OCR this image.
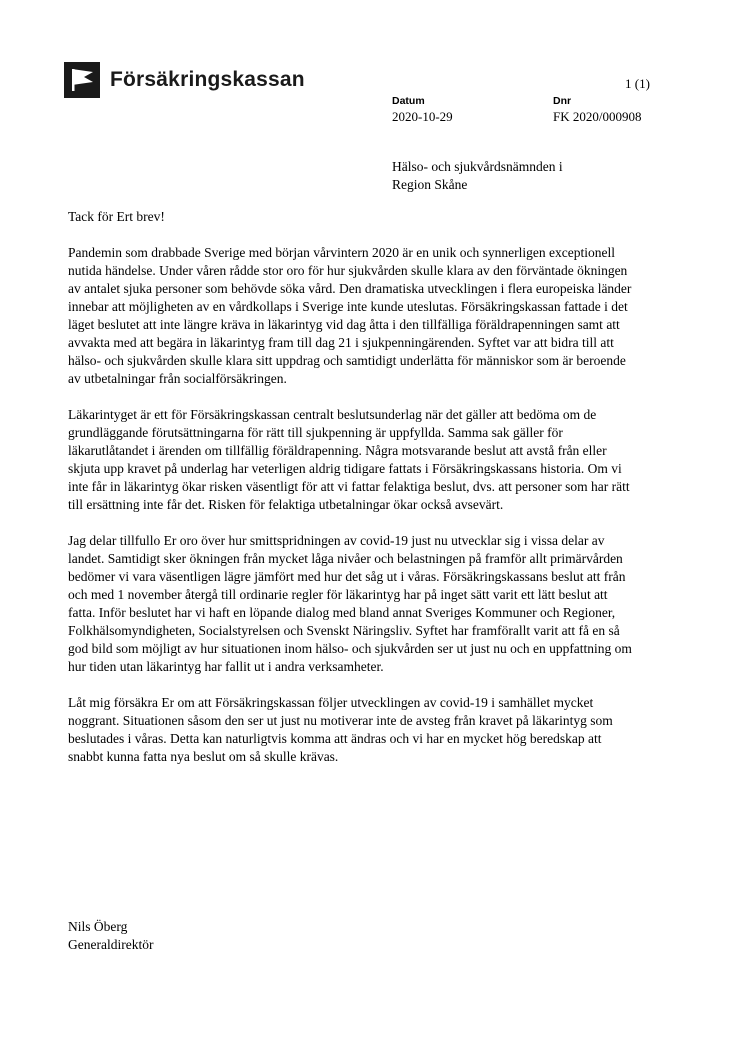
Försäkringskassan	1 (1)
Datum
2020-10-29
Dnr
FK 2020/000908
Hälso- och sjukvårdsnämnden i
Region Skåne

Tack för Ert brev!

Pandemin som drabbade Sverige med början vårvintern 2020 är en unik och synnerligen exceptionell nutida händelse. Under våren rådde stor oro för hur sjukvården skulle klara av den förväntade ökningen av antalet sjuka personer som behövde söka vård. Den dramatiska utvecklingen i flera europeiska länder innebar att möjligheten av en vårdkollaps i Sverige inte kunde uteslutas. Försäkringskassan fattade i det läget beslutet att inte längre kräva in läkarintyg vid dag åtta i den tillfälliga föräldrapenningen samt att avvakta med att begära in läkarintyg fram till dag 21 i sjukpenningärenden. Syftet var att bidra till att hälso- och sjukvården skulle klara sitt uppdrag och samtidigt underlätta för människor som är beroende av utbetalningar från socialförsäkringen.

Läkarintyget är ett för Försäkringskassan centralt beslutsunderlag när det gäller att bedöma om de grundläggande förutsättningarna för rätt till sjukpenning är uppfyllda. Samma sak gäller för läkarutlåtandet i ärenden om tillfällig föräldrapenning. Några motsvarande beslut att avstå från eller skjuta upp kravet på underlag har veterligen aldrig tidigare fattats i Försäkringskassans historia. Om vi inte får in läkarintyg ökar risken väsentligt för att vi fattar felaktiga beslut, dvs. att personer som har rätt till ersättning inte får det. Risken för felaktiga utbetalningar ökar också avsevärt.

Jag delar tillfullo Er oro över hur smittspridningen av covid-19 just nu utvecklar sig i vissa delar av landet. Samtidigt sker ökningen från mycket låga nivåer och belastningen på framför allt primärvården bedömer vi vara väsentligen lägre jämfört med hur det såg ut i våras. Försäkringskassans beslut att från och med 1 november återgå till ordinarie regler för läkarintyg har på inget sätt varit ett lätt beslut att fatta. Inför beslutet har vi haft en löpande dialog med bland annat Sveriges Kommuner och Regioner, Folkhälsomyndigheten, Socialstyrelsen och Svenskt Näringsliv. Syftet har framförallt varit att få en så god bild som möjligt av hur situationen inom hälso- och sjukvården ser ut just nu och en uppfattning om hur tiden utan läkarintyg har fallit ut i andra verksamheter.

Låt mig försäkra Er om att Försäkringskassan följer utvecklingen av covid-19 i samhället mycket noggrant. Situationen såsom den ser ut just nu motiverar inte de avsteg från kravet på läkarintyg som beslutades i våras. Detta kan naturligtvis komma att ändras och vi har en mycket hög beredskap att snabbt kunna fatta nya beslut om så skulle krävas.

Nils Öberg
Generaldirektör
